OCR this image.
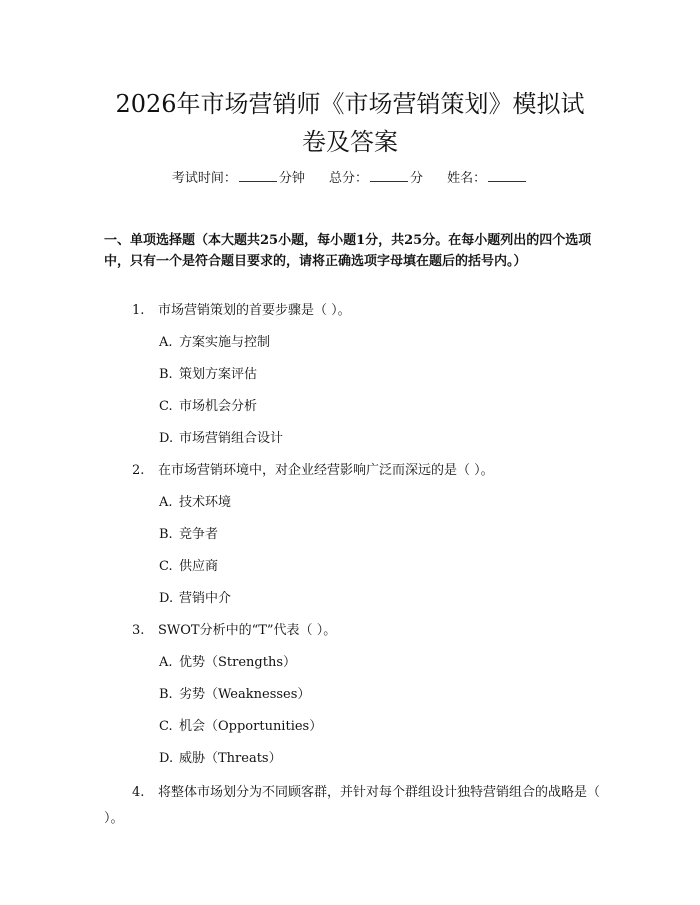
2026年市场营销师《市场营销策划》模拟试
卷及答案
考试时间：	分钟 总分：	分 姓名：
一、单项选择题（本大题共25小题，每小题1分，共25分。在每小题列出的四个选项中，只有一个是符合题目要求的，请将正确选项字母填在题后的括号内。）
1. 市场营销策划的首要步骤是（ ）。
A. 方案实施与控制
B. 策划方案评估
C. 市场机会分析
D. 市场营销组合设计
2. 在市场营销环境中，对企业经营影响广泛而深远的是（ ）。
A. 技术环境
B. 竞争者
C. 供应商
D. 营销中介
3. SWOT分析中的“T”代表（ ）。
A. 优势（Strengths）
B. 劣势（Weaknesses）
C. 机会（Opportunities）
D. 威胁（Threats）
4. 将整体市场划分为不同顾客群，并针对每个群组设计独特营销组合的战略是（ ）。
